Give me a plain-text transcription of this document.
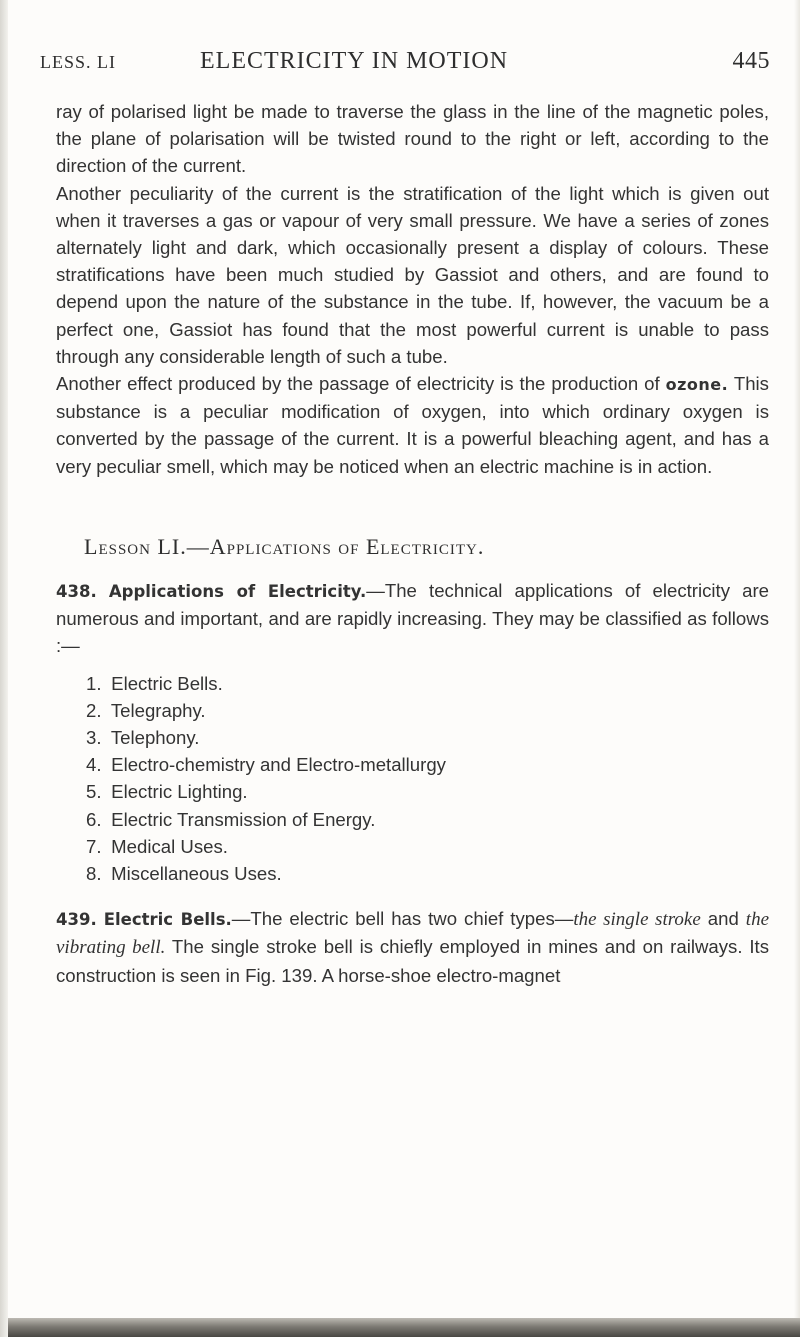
LESS. LI	ELECTRICITY IN MOTION	445

ray of polarised light be made to traverse the glass in the line of the magnetic poles, the plane of polarisation will be twisted round to the right or left, according to the direction of the current.

Another peculiarity of the current is the stratification of the light which is given out when it traverses a gas or vapour of very small pressure. We have a series of zones alternately light and dark, which occasionally present a display of colours. These stratifications have been much studied by Gassiot and others, and are found to depend upon the nature of the substance in the tube. If, however, the vacuum be a perfect one, Gassiot has found that the most powerful current is unable to pass through any considerable length of such a tube.

Another effect produced by the passage of electricity is the production of ozone. This substance is a peculiar modification of oxygen, into which ordinary oxygen is converted by the passage of the current. It is a powerful bleaching agent, and has a very peculiar smell, which may be noticed when an electric machine is in action.

Lesson LI.—Applications of Electricity.

438. Applications of Electricity.—The technical applications of electricity are numerous and important, and are rapidly increasing. They may be classified as follows :—

1. Electric Bells.
2. Telegraphy.
3. Telephony.
4. Electro-chemistry and Electro-metallurgy
5. Electric Lighting.
6. Electric Transmission of Energy.
7. Medical Uses.
8. Miscellaneous Uses.

439. Electric Bells.—The electric bell has two chief types—the single stroke and the vibrating bell. The single stroke bell is chiefly employed in mines and on railways. Its construction is seen in Fig. 139. A horse-shoe electro-magnet
